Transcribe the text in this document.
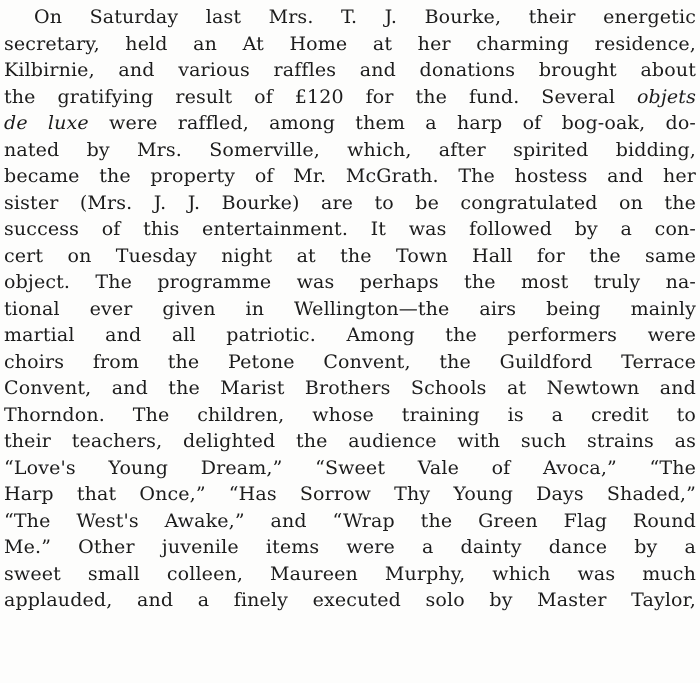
On Saturday last Mrs. T. J. Bourke, their energetic
secretary, held an At Home at her charming residence,
Kilbirnie, and various raffles and donations brought about
the gratifying result of £120 for the fund. Several objets
de luxe were raffled, among them a harp of bog-oak, do-
nated by Mrs. Somerville, which, after spirited bidding,
became the property of Mr. McGrath. The hostess and her
sister (Mrs. J. J. Bourke) are to be congratulated on the
success of this entertainment. It was followed by a con-
cert on Tuesday night at the Town Hall for the same
object. The programme was perhaps the most truly na-
tional ever given in Wellington—the airs being mainly
martial and all patriotic. Among the performers were
choirs from the Petone Convent, the Guildford Terrace
Convent, and the Marist Brothers Schools at Newtown and
Thorndon. The children, whose training is a credit to
their teachers, delighted the audience with such strains as
“Love's Young Dream,” “Sweet Vale of Avoca,” “The
Harp that Once,” “Has Sorrow Thy Young Days Shaded,”
“The West's Awake,” and “Wrap the Green Flag Round
Me.” Other juvenile items were a dainty dance by a
sweet small colleen, Maureen Murphy, which was much
applauded, and a finely executed solo by Master Taylor,
